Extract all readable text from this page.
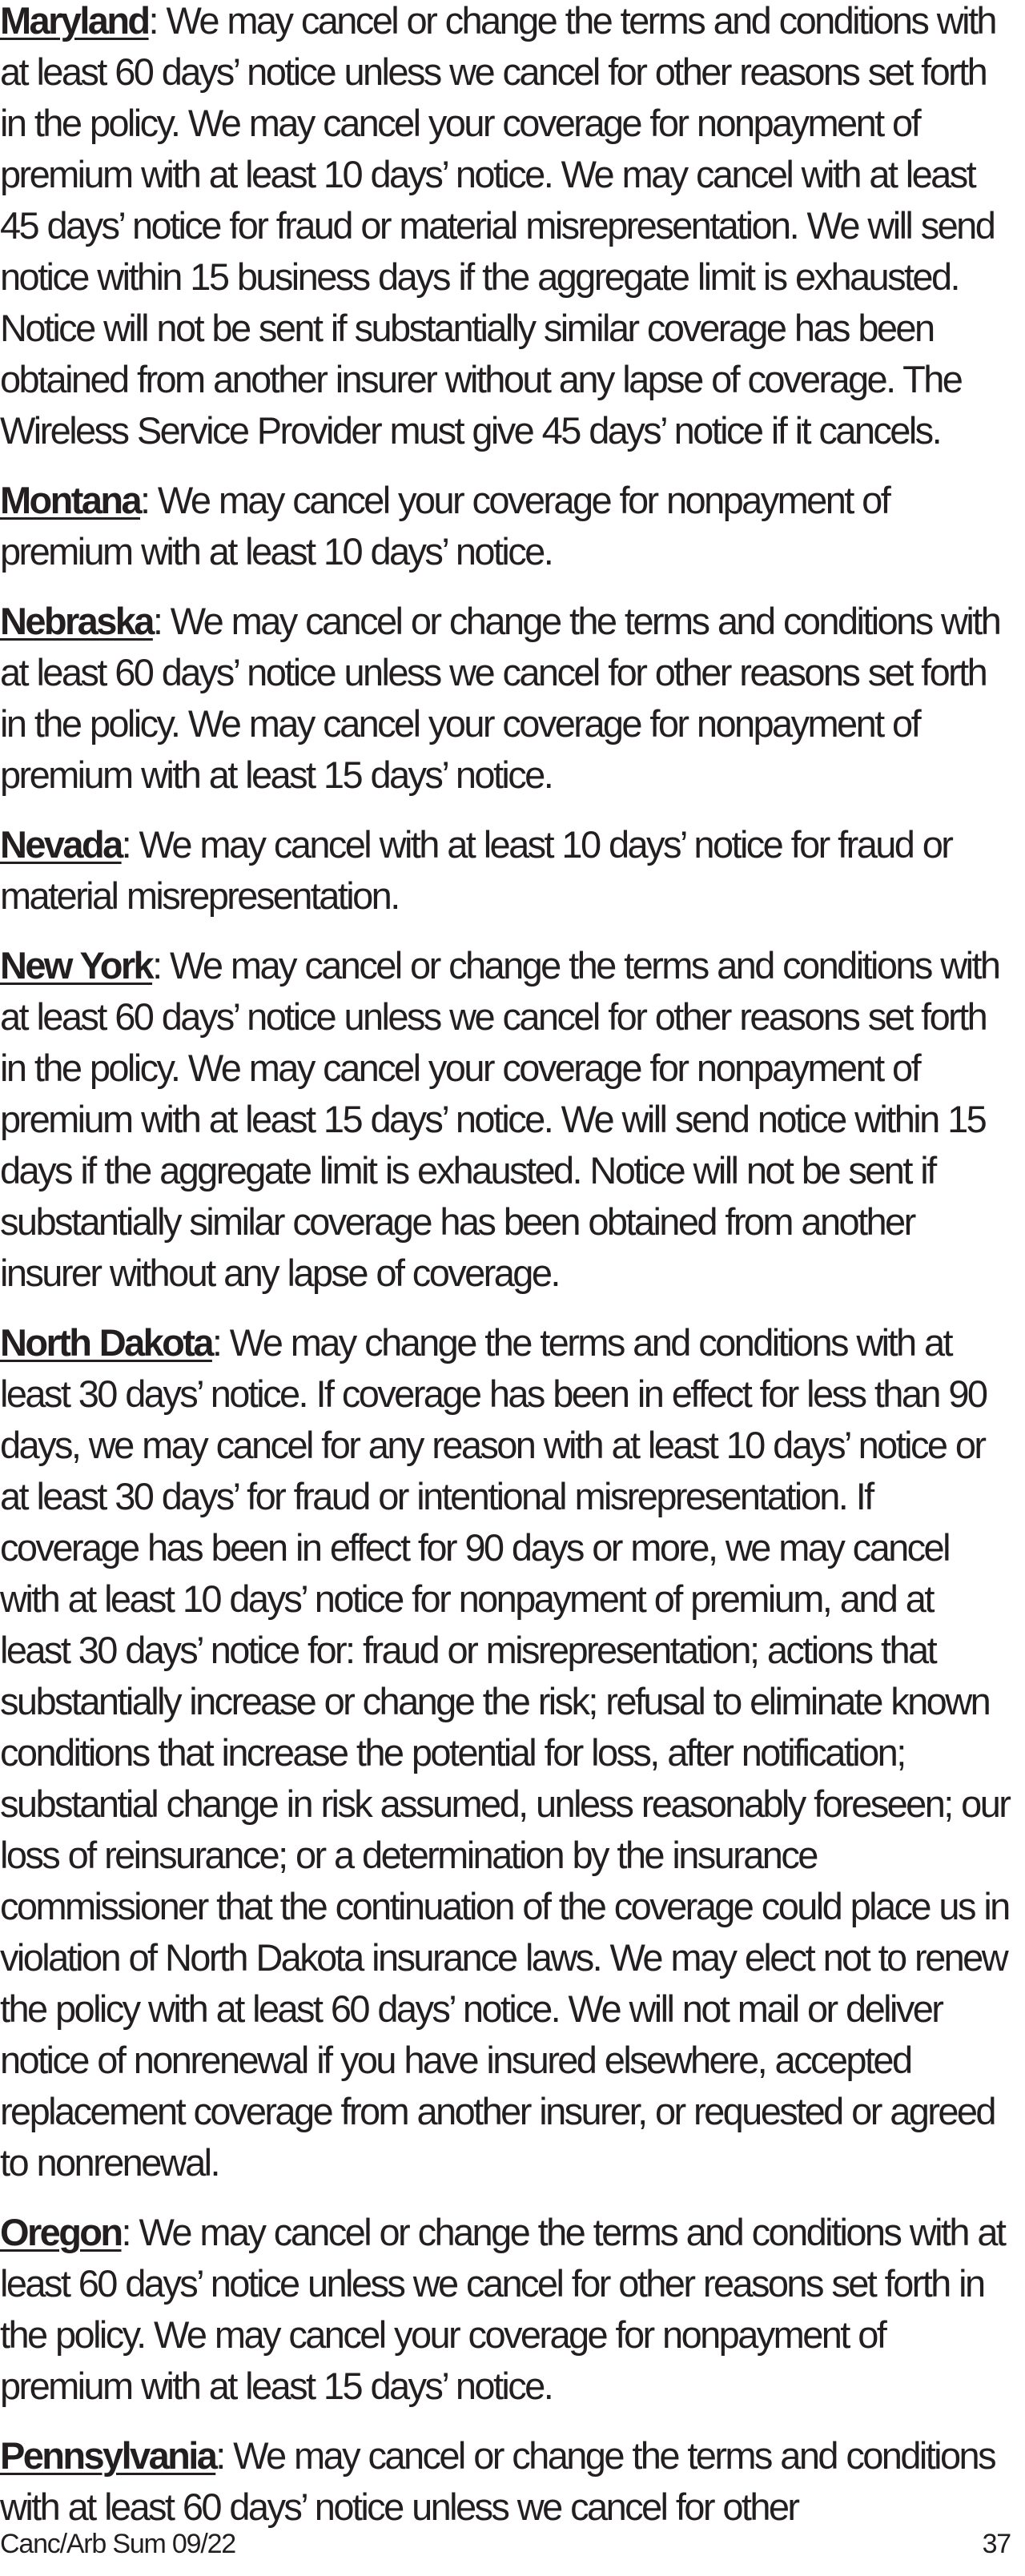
Maryland: We may cancel or change the terms and conditions with at least 60 days’ notice unless we cancel for other reasons set forth in the policy. We may cancel your coverage for nonpayment of premium with at least 10 days’ notice. We may cancel with at least 45 days’ notice for fraud or material misrepresentation. We will send notice within 15 business days if the aggregate limit is exhausted. Notice will not be sent if substantially similar coverage has been obtained from another insurer without any lapse of coverage. The Wireless Service Provider must give 45 days’ notice if it cancels.

Montana: We may cancel your coverage for nonpayment of premium with at least 10 days’ notice.

Nebraska: We may cancel or change the terms and conditions with at least 60 days’ notice unless we cancel for other reasons set forth in the policy. We may cancel your coverage for nonpayment of premium with at least 15 days’ notice.

Nevada: We may cancel with at least 10 days’ notice for fraud or material misrepresentation.

New York: We may cancel or change the terms and conditions with at least 60 days’ notice unless we cancel for other reasons set forth in the policy. We may cancel your coverage for nonpayment of premium with at least 15 days’ notice. We will send notice within 15 days if the aggregate limit is exhausted. Notice will not be sent if substantially similar coverage has been obtained from another insurer without any lapse of coverage.

North Dakota: We may change the terms and conditions with at least 30 days’ notice. If coverage has been in effect for less than 90 days, we may cancel for any reason with at least 10 days’ notice or at least 30 days’ for fraud or intentional misrepresentation. If coverage has been in effect for 90 days or more, we may cancel with at least 10 days’ notice for nonpayment of premium, and at least 30 days’ notice for: fraud or misrepresentation; actions that substantially increase or change the risk; refusal to eliminate known conditions that increase the potential for loss, after notification; substantial change in risk assumed, unless reasonably foreseen; our loss of reinsurance; or a determination by the insurance commissioner that the continuation of the coverage could place us in violation of North Dakota insurance laws. We may elect not to renew the policy with at least 60 days’ notice. We will not mail or deliver notice of nonrenewal if you have insured elsewhere, accepted replacement coverage from another insurer, or requested or agreed to nonrenewal.

Oregon: We may cancel or change the terms and conditions with at least 60 days’ notice unless we cancel for other reasons set forth in the policy. We may cancel your coverage for nonpayment of premium with at least 15 days’ notice.

Pennsylvania: We may cancel or change the terms and conditions with at least 60 days’ notice unless we cancel for other

Canc/Arb Sum 09/22	37
